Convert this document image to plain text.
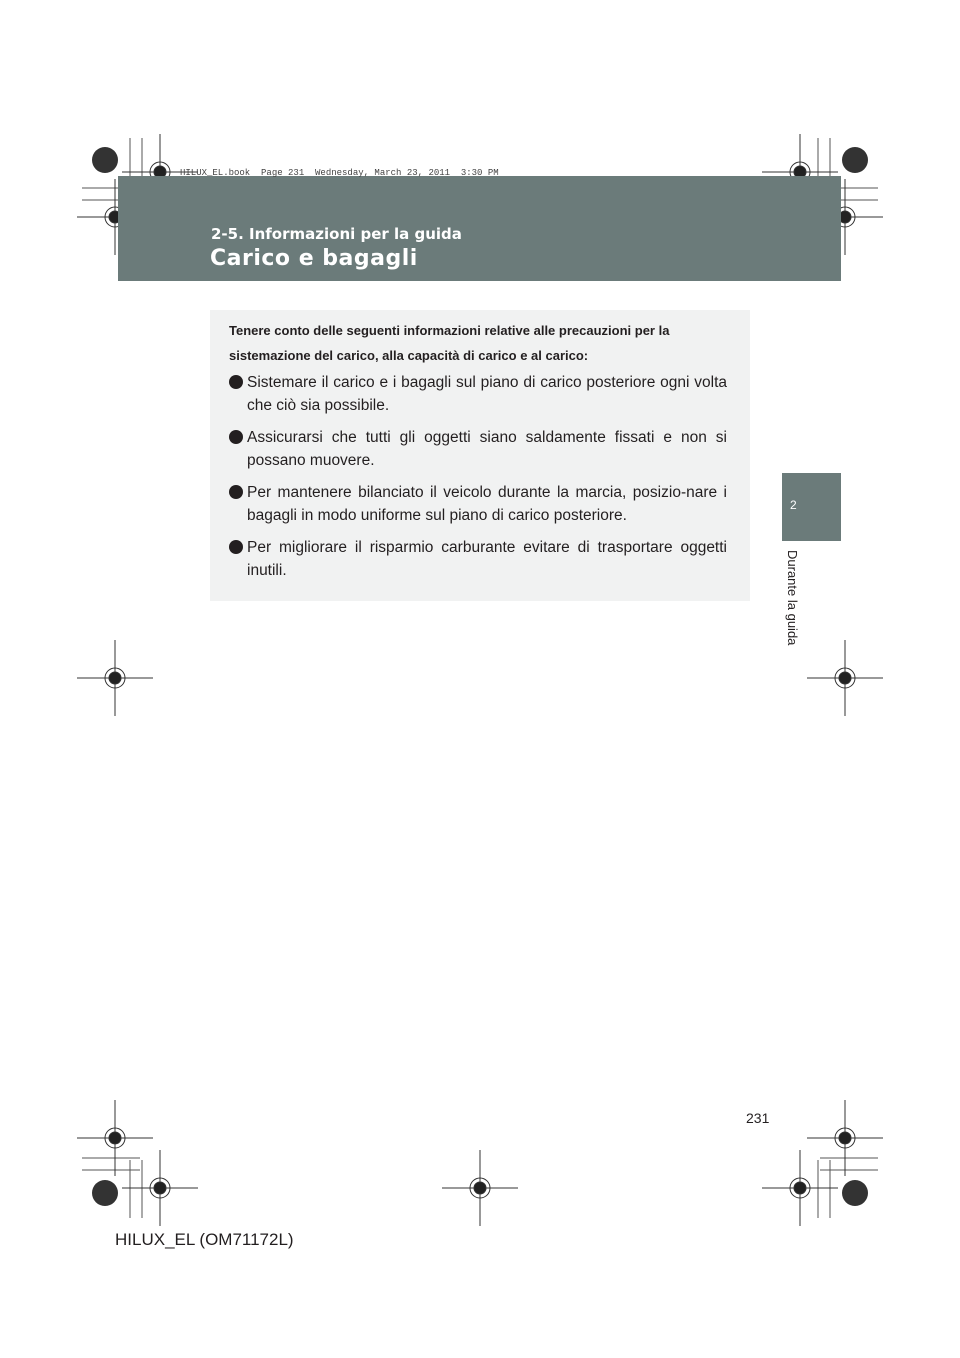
HILUX_EL.book  Page 231  Wednesday, March 23, 2011  3:30 PM
2-5. Informazioni per la guida
Carico e bagagli
2
Durante la guida
Tenere conto delle seguenti informazioni relative alle precauzioni per la sistemazione del carico, alla capacità di carico e al carico:
Sistemare il carico e i bagagli sul piano di carico posteriore ogni volta che ciò sia possibile.
Assicurarsi che tutti gli oggetti siano saldamente fissati e non si possano muovere.
Per mantenere bilanciato il veicolo durante la marcia, posizio-nare i bagagli in modo uniforme sul piano di carico posteriore.
Per migliorare il risparmio carburante evitare di trasportare oggetti inutili.
231
HILUX_EL (OM71172L)
